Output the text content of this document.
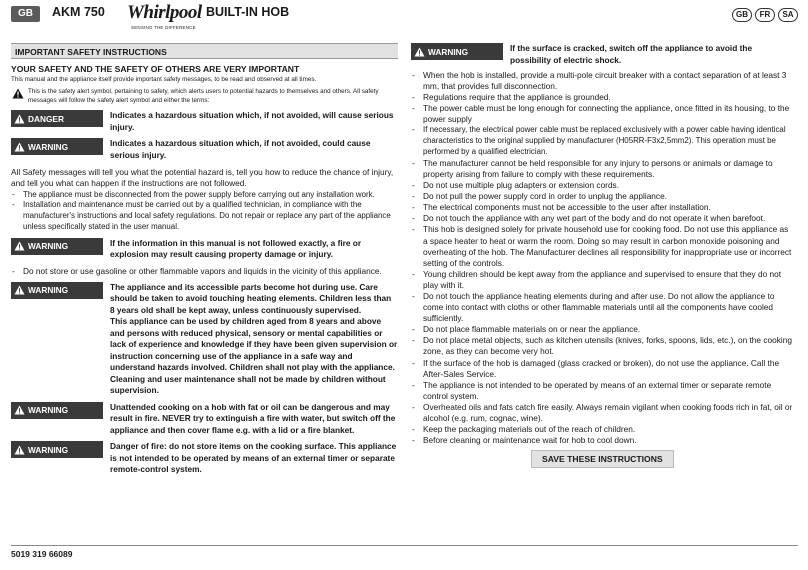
GB	AKM 750 Whirlpool
SENSING THE DIFFERENCE
BUILT-IN HOB	GB	FR	SA
IMPORTANT SAFETY INSTRUCTIONS
YOUR SAFETY AND THE SAFETY OF OTHERS ARE VERY IMPORTANT
This manual and the appliance itself provide important safety messages, to be read and observed at all times.
This is the safety alert symbol, pertaining to safety, which alerts users to potential hazards to themselves and others. All safety messages will follow the safety alert symbol and either the terms:
DANGER	Indicates a hazardous situation which, if not avoided, will cause serious injury.
WARNING	Indicates a hazardous situation which, if not avoided, could cause serious injury.
All Safety messages will tell you what the potential hazard is, tell you how to reduce the chance of injury, and tell you what can happen if the instructions are not followed.
- The appliance must be disconnected from the power supply before carrying out any installation work.
- Installation and maintenance must be carried out by a qualified technician, in compliance with the manufacturer's instructions and local safety regulations. Do not repair or replace any part of the appliance unless specifically stated in the user manual.
WARNING	If the information in this manual is not followed exactly, a fire or explosion may result causing property damage or injury.
- Do not store or use gasoline or other flammable vapors and liquids in the vicinity of this appliance.
WARNING	The appliance and its accessible parts become hot during use. Care should be taken to avoid touching heating elements. Children less than 8 years old shall be kept away, unless continuously supervised.
This appliance can be used by children aged from 8 years and above and persons with reduced physical, sensory or mental capabilities or lack of experience and knowledge if they have been given supervision or instruction concerning use of the appliance in a safe way and understand hazards involved. Children shall not play with the appliance. Cleaning and user maintenance shall not be made by children without supervision.
WARNING	Unattended cooking on a hob with fat or oil can be dangerous and may result in fire. NEVER try to extinguish a fire with water, but switch off the appliance and then cover flame e.g. with a lid or a fire blanket.
WARNING	Danger of fire: do not store items on the cooking surface. This appliance is not intended to be operated by means of an external timer or separate remote-control system.
WARNING	If the surface is cracked, switch off the appliance to avoid the possibility of electric shock.
- When the hob is installed, provide a multi-pole circuit breaker with a contact separation of at least 3 mm, that provides full disconnection.
- Regulations require that the appliance is grounded.
- The power cable must be long enough for connecting the appliance, once fitted in its housing, to the power supply
- If necessary, the electrical power cable must be replaced exclusively with a power cable having identical characteristics to the original supplied by manufacturer (H05RR-F3x2,5mm2). This operation must be performed by a qualified electrician.
- The manufacturer cannot be held responsible for any injury to persons or animals or damage to property arising from failure to comply with these requirements.
- Do not use multiple plug adapters or extension cords.
- Do not pull the power supply cord in order to unplug the appliance.
- The electrical components must not be accessible to the user after installation.
- Do not touch the appliance with any wet part of the body and do not operate it when barefoot.
- This hob is designed solely for private household use for cooking food. Do not use this appliance as a space heater to heat or warm the room. Doing so may result in carbon monoxide poisoning and overheating of the hob. The Manufacturer declines all responsibility for inappropriate use or incorrect setting of the controls.
- Young children should be kept away from the appliance and supervised to ensure that they do not play with it.
- Do not touch the appliance heating elements during and after use. Do not allow the appliance to come into contact with cloths or other flammable materials until all the components have cooled sufficiently.
- Do not place flammable materials on or near the appliance.
- Do not place metal objects, such as kitchen utensils (knives, forks, spoons, lids, etc.), on the cooking zone, as they can become very hot.
- If the surface of the hob is damaged (glass cracked or broken), do not use the appliance. Call the After-Sales Service.
- The appliance is not intended to be operated by means of an external timer or separate remote control system.
- Overheated oils and fats catch fire easily. Always remain vigilant when cooking foods rich in fat, oil or alcohol (e.g. rum, cognac, wine).
- Keep the packaging materials out of the reach of children.
- Before cleaning or maintenance wait for hob to cool down.
SAVE THESE INSTRUCTIONS
5019 319 66089
